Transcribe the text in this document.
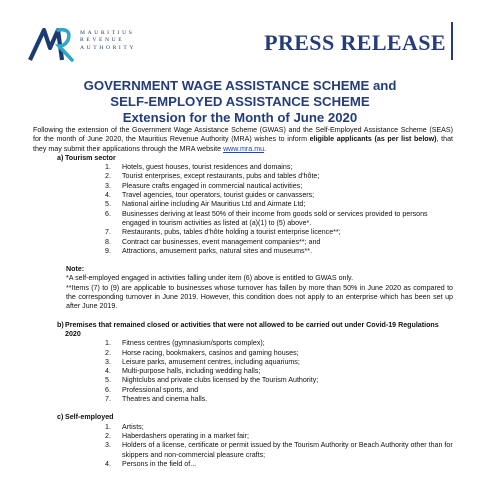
MAURITIUS
REVENUE
AUTHORITY	PRESS RELEASE
GOVERNMENT WAGE ASSISTANCE SCHEME and
SELF-EMPLOYED ASSISTANCE SCHEME
Extension for the Month of June 2020

Following the extension of the Government Wage Assistance Scheme (GWAS) and the Self-Employed Assistance Scheme (SEAS) for the month of June 2020, the Mauritius Revenue Authority (MRA) wishes to inform eligible applicants (as per list below), that they may submit their applications through the MRA website www.mra.mu.

a) Tourism sector
1.	Hotels, guest houses, tourist residences and domains;
2.	Tourist enterprises, except restaurants, pubs and tables d'hôte;
3.	Pleasure crafts engaged in commercial nautical activities;
4.	Travel agencies, tour operators, tourist guides or canvassers;
5.	National airline including Air Mauritius Ltd and Airmate Ltd;
6.	Businesses deriving at least 50% of their income from goods sold or services provided to persons engaged in tourism activities as listed at (a)(1) to (5) above*.
7.	Restaurants, pubs, tables d'hôte holding a tourist enterprise licence**;
8.	Contract car businesses, event management companies**; and
9.	Attractions, amusement parks, natural sites and museums**.
Note:
*A self-employed engaged in activities falling under item (6) above is entitled to GWAS only.
**Items (7) to (9) are applicable to businesses whose turnover has fallen by more than 50% in June 2020 as compared to the corresponding turnover in June 2019. However, this condition does not apply to an enterprise which has been set up after June 2019.
b) Premises that remained closed or activities that were not allowed to be carried out under Covid-19 Regulations 2020
1.	Fitness centres (gymnasium/sports complex);
2.	Horse racing, bookmakers, casinos and gaming houses;
3.	Leisure parks, amusement centres, including aquariums;
4.	Multi-purpose halls, including wedding halls;
5.	Nightclubs and private clubs licensed by the Tourism Authority;
6.	Professional sports, and
7.	Theatres and cinema halls.
c) Self-employed
1.	Artists;
2.	Haberdashers operating in a market fair;
3.	Holders of a license, certificate or permit issued by the Tourism Authority or Beach Authority other than for skippers and non-commercial pleasure crafts;
4.	Persons in the field of...
